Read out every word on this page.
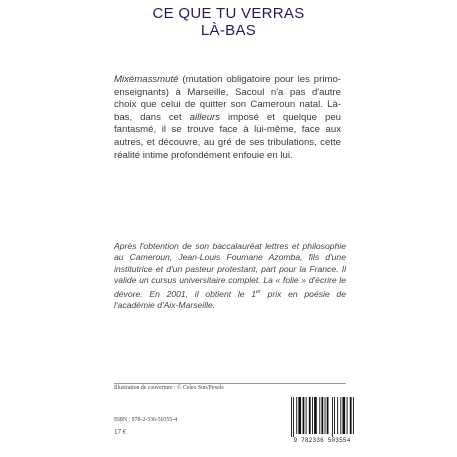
CE QUE TU VERRAS
LÀ-BAS

Mixémassmuté (mutation obligatoire pour les primo-enseignants) à Marseille, Sacoul n'a pas d'autre choix que celui de quitter son Cameroun natal. Là-bas, dans cet ailleurs imposé et quelque peu fantasmé, il se trouve face à lui-même, face aux autres, et découvre, au gré de ses tribulations, cette réalité intime profondément enfouie en lui.

Après l'obtention de son baccalauréat lettres et philosophie au Cameroun, Jean-Louis Foumane Azomba, fils d'une institutrice et d'un pasteur protestant, part pour la France. Il valide un cursus universitaire complet. La « folie » d'écrire le dévore. En 2001, il obtient le 1er prix en poésie de l'académie d'Aix-Marseille.

Illustration de couverture : © Celeo Sun/Pexels
ISBN : 978-2-336-50355-4
17 €
9 782336 503554
